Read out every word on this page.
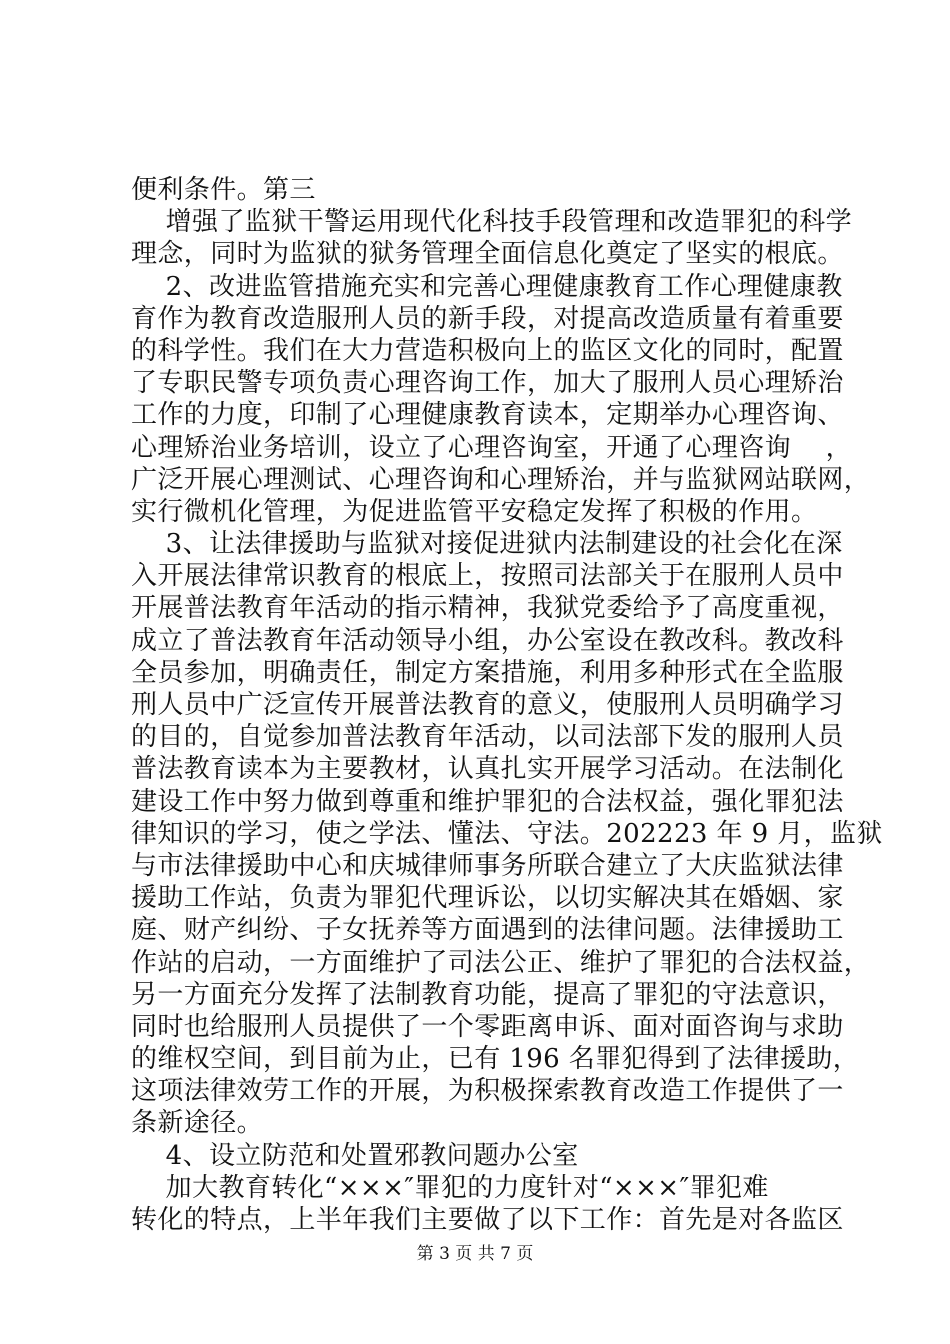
便利条件。第三
增强了监狱干警运用现代化科技手段管理和改造罪犯的科学
理念，同时为监狱的狱务管理全面信息化奠定了坚实的根底。
2、改进监管措施充实和完善心理健康教育工作心理健康教
育作为教育改造服刑人员的新手段，对提高改造质量有着重要
的科学性。我们在大力营造积极向上的监区文化的同时，配置
了专职民警专项负责心理咨询工作，加大了服刑人员心理矫治
工作的力度，印制了心理健康教育读本，定期举办心理咨询、
心理矫治业务培训，设立了心理咨询室，开通了心理咨询    ，
广泛开展心理测试、心理咨询和心理矫治，并与监狱网站联网，
实行微机化管理，为促进监管平安稳定发挥了积极的作用。
3、让法律援助与监狱对接促进狱内法制建设的社会化在深
入开展法律常识教育的根底上，按照司法部关于在服刑人员中
开展普法教育年活动的指示精神，我狱党委给予了高度重视，
成立了普法教育年活动领导小组，办公室设在教改科。教改科
全员参加，明确责任，制定方案措施，利用多种形式在全监服
刑人员中广泛宣传开展普法教育的意义，使服刑人员明确学习
的目的，自觉参加普法教育年活动，以司法部下发的服刑人员
普法教育读本为主要教材，认真扎实开展学习活动。在法制化
建设工作中努力做到尊重和维护罪犯的合法权益，强化罪犯法
律知识的学习，使之学法、懂法、守法。202223 年 9 月，监狱
与市法律援助中心和庆城律师事务所联合建立了大庆监狱法律
援助工作站，负责为罪犯代理诉讼，以切实解决其在婚姻、家
庭、财产纠纷、子女抚养等方面遇到的法律问题。法律援助工
作站的启动，一方面维护了司法公正、维护了罪犯的合法权益，
另一方面充分发挥了法制教育功能，提高了罪犯的守法意识，
同时也给服刑人员提供了一个零距离申诉、面对面咨询与求助
的维权空间，到目前为止，已有 196 名罪犯得到了法律援助，
这项法律效劳工作的开展，为积极探索教育改造工作提供了一
条新途径。
4、设立防范和处置邪教问题办公室
加大教育转化“×××″罪犯的力度针对“×××″罪犯难
转化的特点，上半年我们主要做了以下工作：首先是对各监区
第 3 页 共 7 页
